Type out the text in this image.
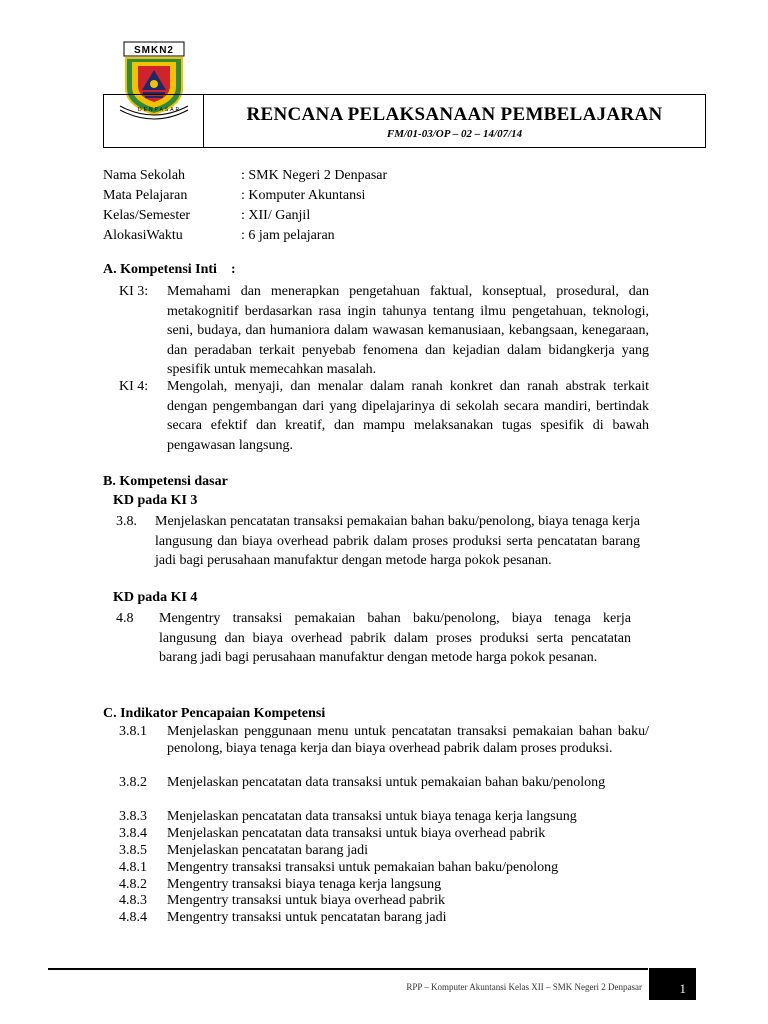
SMKN2
DENPASAR	RENCANA PELAKSANAAN PEMBELAJARAN
FM/01-03/OP – 02 – 14/07/14
Nama Sekolah	: SMK Negeri 2 Denpasar
Mata Pelajaran	: Komputer Akuntansi
Kelas/Semester	: XII/ Ganjil
AlokasiWaktu	: 6 jam pelajaran
A. Kompetensi Inti    :
KI 3: Memahami dan menerapkan pengetahuan faktual, konseptual, prosedural, dan metakognitif berdasarkan rasa ingin tahunya tentang ilmu pengetahuan, teknologi, seni, budaya, dan humaniora dalam wawasan kemanusiaan, kebangsaan, kenegaraan, dan peradaban terkait penyebab fenomena dan kejadian dalam bidangkerja yang spesifik untuk memecahkan masalah.
KI 4: Mengolah, menyaji, dan menalar dalam ranah konkret dan ranah abstrak terkait dengan pengembangan dari yang dipelajarinya di sekolah secara mandiri, bertindak secara efektif dan kreatif, dan mampu melaksanakan tugas spesifik di bawah pengawasan langsung.
B. Kompetensi dasar
KD pada KI 3
3.8. Menjelaskan pencatatan transaksi pemakaian bahan baku/penolong, biaya tenaga kerja langusung dan biaya overhead pabrik dalam proses produksi serta pencatatan barang jadi bagi perusahaan manufaktur dengan metode harga pokok pesanan.
KD pada KI 4
4.8 Mengentry transaksi pemakaian bahan baku/penolong, biaya tenaga kerja langusung dan biaya overhead pabrik dalam proses produksi serta pencatatan barang jadi bagi perusahaan manufaktur dengan metode harga pokok pesanan.
C. Indikator Pencapaian Kompetensi
3.8.1 Menjelaskan penggunaan menu untuk pencatatan transaksi pemakaian bahan baku/ penolong, biaya tenaga kerja dan biaya overhead pabrik dalam proses produksi.
3.8.2 Menjelaskan pencatatan data transaksi untuk pemakaian bahan baku/penolong
3.8.3 Menjelaskan pencatatan data transaksi untuk biaya tenaga kerja langsung
3.8.4 Menjelaskan pencatatan data transaksi untuk biaya overhead pabrik
3.8.5 Menjelaskan pencatatan barang jadi
4.8.1 Mengentry transaksi transaksi untuk pemakaian bahan baku/penolong
4.8.2 Mengentry transaksi biaya tenaga kerja langsung
4.8.3 Mengentry transaksi untuk biaya overhead pabrik
4.8.4 Mengentry transaksi untuk pencatatan barang jadi
RPP – Komputer Akuntansi Kelas XII – SMK Negeri 2 Denpasar	1
